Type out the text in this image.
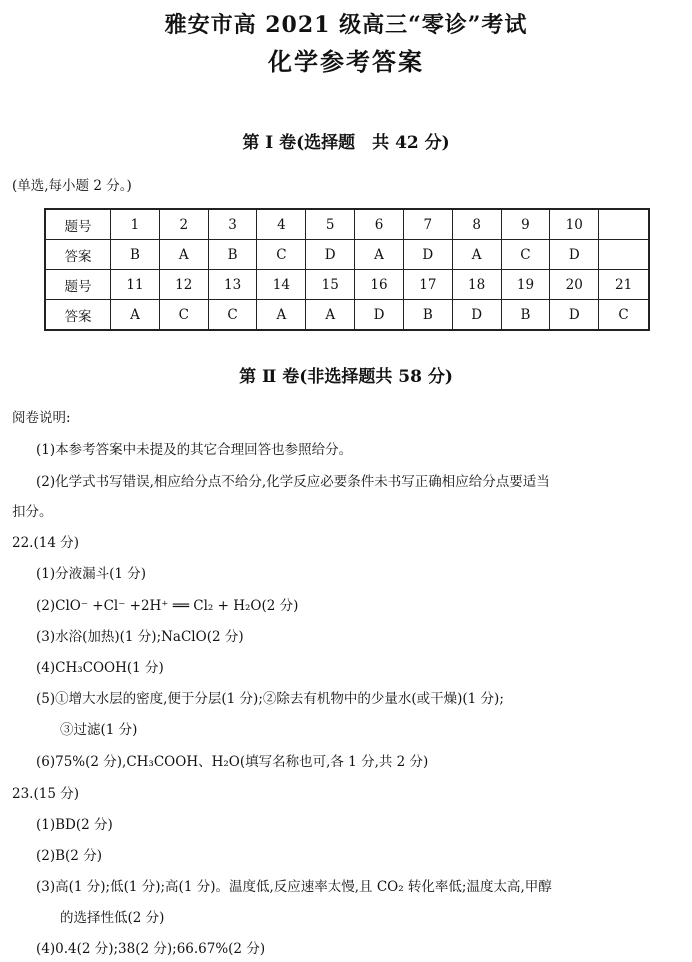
雅安市高 2021 级高三“零诊”考试
化学参考答案
第 Ⅰ 卷(选择题　共 42 分)
(单选,每小题 2 分。)
题号	1	2	3	4	5	6	7	8	9	10	
答案	B	A	B	C	D	A	D	A	C	D	
题号	11	12	13	14	15	16	17	18	19	20	21
答案	A	C	C	A	A	D	B	D	B	D	C
第 Ⅱ 卷(非选择题共 58 分)
阅卷说明:
(1)本参考答案中未提及的其它合理回答也参照给分。
(2)化学式书写错误,相应给分点不给分,化学反应必要条件未书写正确相应给分点要适当
扣分。
22.(14 分)
(1)分液漏斗(1 分)
(2)ClO⁻ +Cl⁻ +2H⁺ ══ Cl₂ + H₂O(2 分)
(3)水浴(加热)(1 分);NaClO(2 分)
(4)CH₃COOH(1 分)
(5)①增大水层的密度,便于分层(1 分);②除去有机物中的少量水(或干燥)(1 分);
③过滤(1 分)
(6)75%(2 分),CH₃COOH、H₂O(填写名称也可,各 1 分,共 2 分)
23.(15 分)
(1)BD(2 分)
(2)B(2 分)
(3)高(1 分);低(1 分);高(1 分)。温度低,反应速率太慢,且 CO₂ 转化率低;温度太高,甲醇
的选择性低(2 分)
(4)0.4(2 分);38(2 分);66.67%(2 分)
